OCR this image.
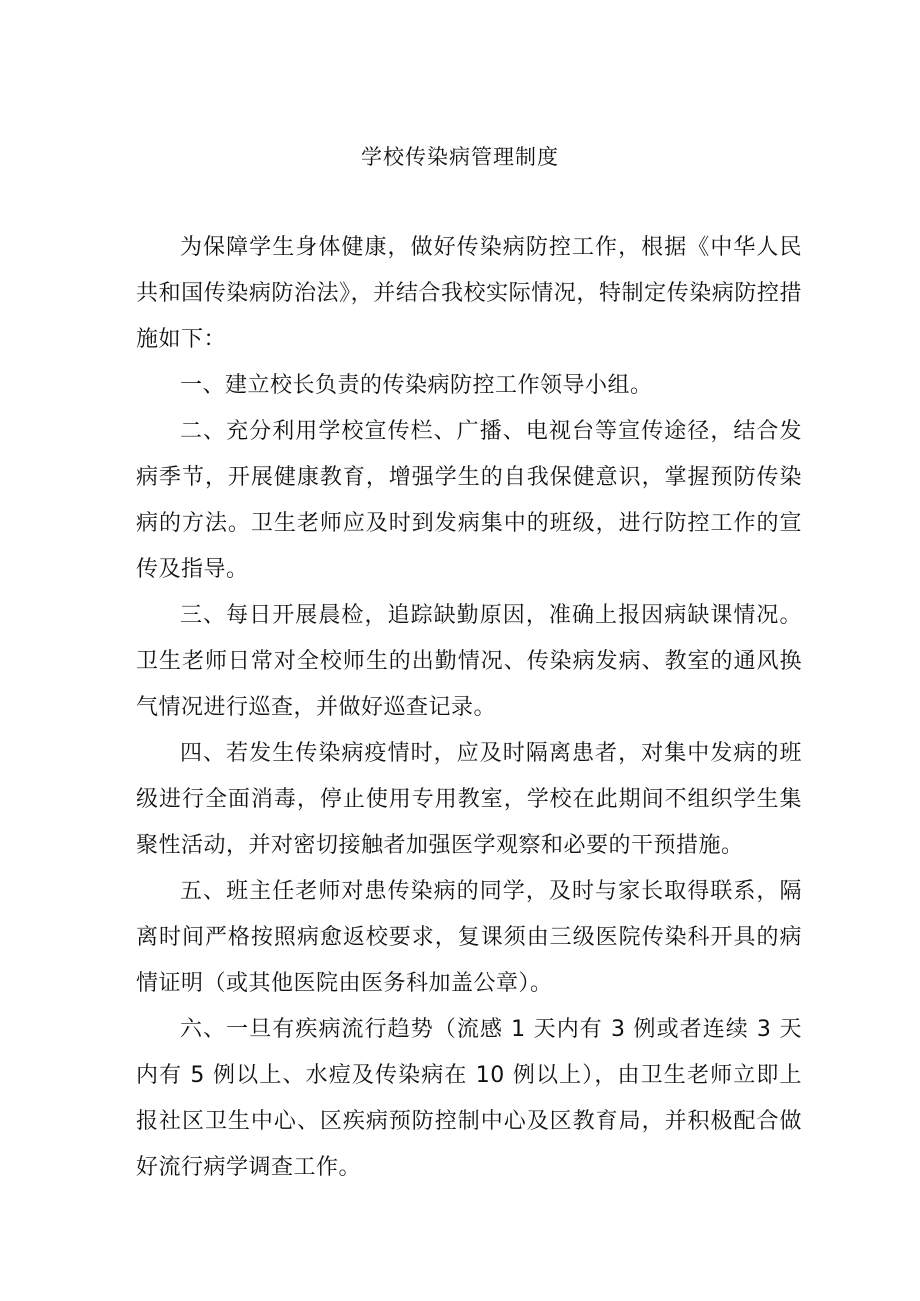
学校传染病管理制度

为保障学生身体健康，做好传染病防控工作，根据《中华人民共和国传染病防治法》，并结合我校实际情况，特制定传染病防控措施如下：

一、建立校长负责的传染病防控工作领导小组。

二、充分利用学校宣传栏、广播、电视台等宣传途径，结合发病季节，开展健康教育，增强学生的自我保健意识，掌握预防传染病的方法。卫生老师应及时到发病集中的班级，进行防控工作的宣传及指导。

三、每日开展晨检，追踪缺勤原因，准确上报因病缺课情况。卫生老师日常对全校师生的出勤情况、传染病发病、教室的通风换气情况进行巡查，并做好巡查记录。

四、若发生传染病疫情时，应及时隔离患者，对集中发病的班级进行全面消毒，停止使用专用教室，学校在此期间不组织学生集聚性活动，并对密切接触者加强医学观察和必要的干预措施。

五、班主任老师对患传染病的同学，及时与家长取得联系，隔离时间严格按照病愈返校要求，复课须由三级医院传染科开具的病情证明（或其他医院由医务科加盖公章）。

六、一旦有疾病流行趋势（流感 1 天内有 3 例或者连续 3 天内有 5 例以上、水痘及传染病在 10 例以上），由卫生老师立即上报社区卫生中心、区疾病预防控制中心及区教育局，并积极配合做好流行病学调查工作。
